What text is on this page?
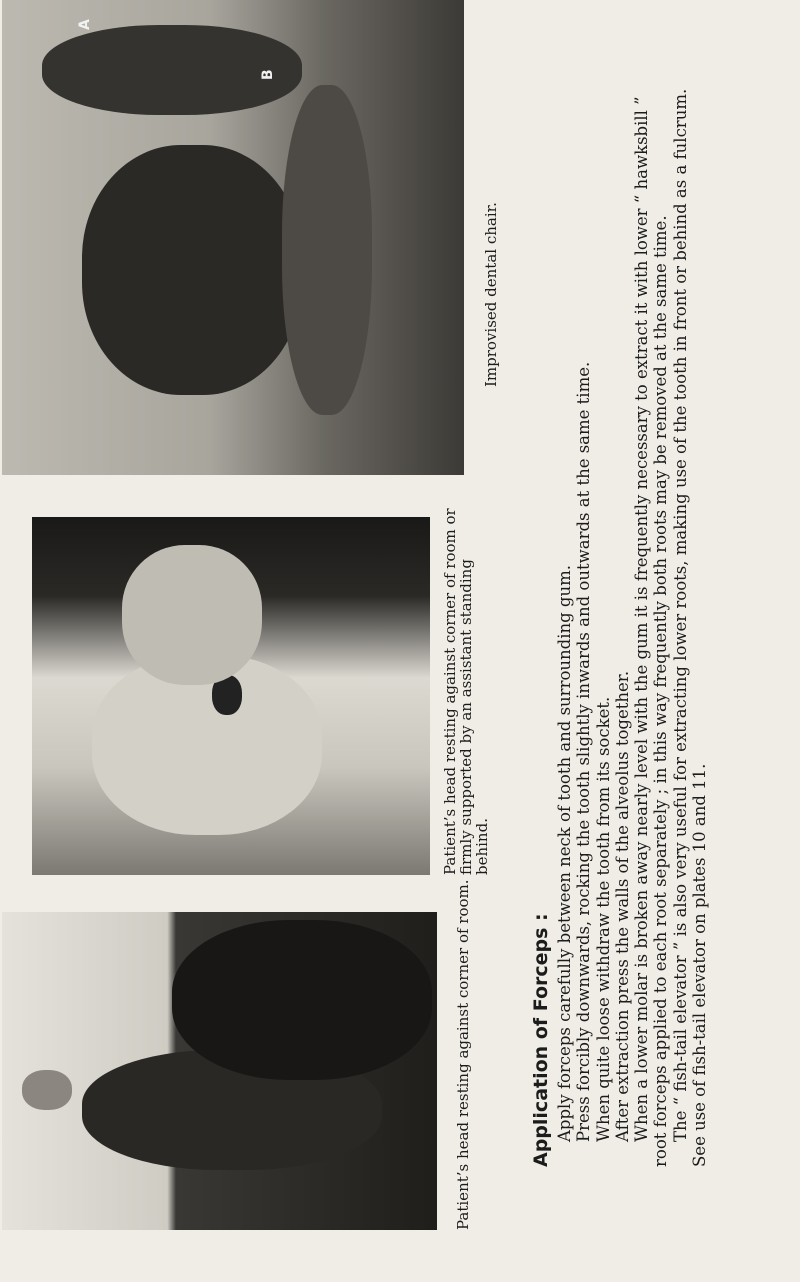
Patient’s head resting against corner of room.
Patient’s head resting against corner of room or
firmly supported by an assistant standing
behind.
A
B
Improvised dental chair.
Application of Forceps : Apply forceps carefully between neck of tooth and surrounding gum. Press forcibly downwards, rocking the tooth slightly inwards and outwards at the same time. When quite loose withdraw the tooth from its socket. After extraction press the walls of the alveolus together. When a lower molar is broken away nearly level with the gum it is frequently necessary to extract it with lower “ hawksbill ” root forceps applied to each root separately ; in this way frequently both roots may be removed at the same time. The “ fish-tail elevator ” is also very useful for extracting lower roots, making use of the tooth in front or behind as a fulcrum. See use of fish-tail elevator on plates 10 and 11.
